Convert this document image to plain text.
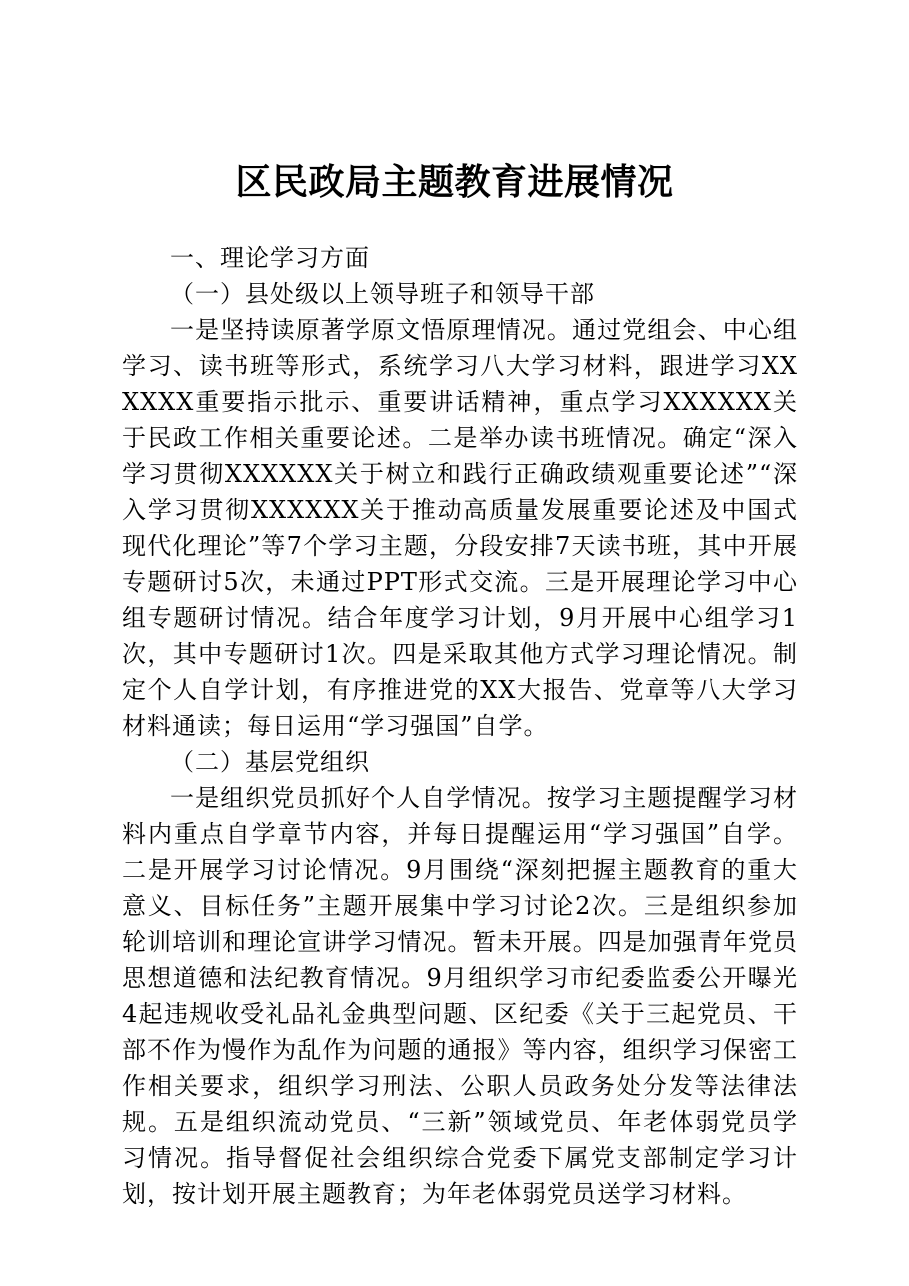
区民政局主题教育进展情况

一、理论学习方面

（一）县处级以上领导班子和领导干部

一是坚持读原著学原文悟原理情况。通过党组会、中心组学习、读书班等形式，系统学习八大学习材料，跟进学习XXXXXX重要指示批示、重要讲话精神，重点学习XXXXXX关于民政工作相关重要论述。二是举办读书班情况。确定“深入学习贯彻XXXXXX关于树立和践行正确政绩观重要论述”“深入学习贯彻XXXXXX关于推动高质量发展重要论述及中国式现代化理论”等7个学习主题，分段安排7天读书班，其中开展专题研讨5次，未通过PPT形式交流。三是开展理论学习中心组专题研讨情况。结合年度学习计划，9月开展中心组学习1次，其中专题研讨1次。四是采取其他方式学习理论情况。制定个人自学计划，有序推进党的XX大报告、党章等八大学习材料通读；每日运用“学习强国”自学。

（二）基层党组织

一是组织党员抓好个人自学情况。按学习主题提醒学习材料内重点自学章节内容，并每日提醒运用“学习强国”自学。二是开展学习讨论情况。9月围绕“深刻把握主题教育的重大意义、目标任务”主题开展集中学习讨论2次。三是组织参加轮训培训和理论宣讲学习情况。暂未开展。四是加强青年党员思想道德和法纪教育情况。9月组织学习市纪委监委公开曝光4起违规收受礼品礼金典型问题、区纪委《关于三起党员、干部不作为慢作为乱作为问题的通报》等内容，组织学习保密工作相关要求，组织学习刑法、公职人员政务处分发等法律法规。五是组织流动党员、“三新”领域党员、年老体弱党员学习情况。指导督促社会组织综合党委下属党支部制定学习计划，按计划开展主题教育；为年老体弱党员送学习材料。
